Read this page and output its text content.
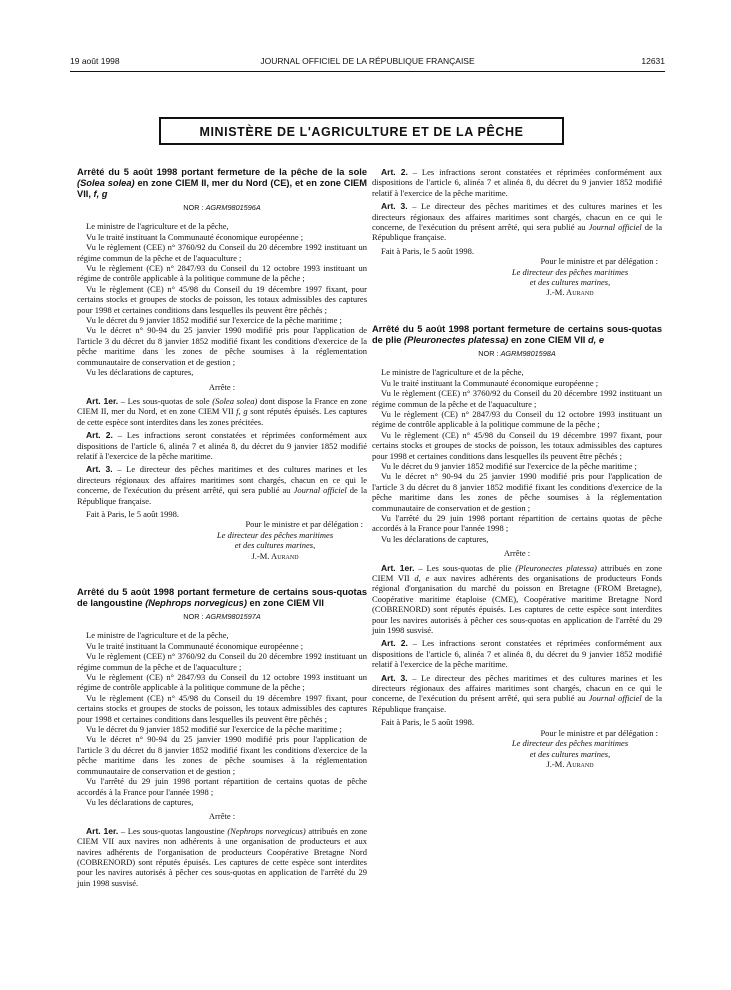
19 août 1998	JOURNAL OFFICIEL DE LA RÉPUBLIQUE FRANÇAISE	12631
MINISTÈRE DE L'AGRICULTURE ET DE LA PÊCHE

Arrêté du 5 août 1998 portant fermeture de la pêche de la sole (Solea solea) en zone CIEM II, mer du Nord (CE), et en zone CIEM VII, f, g

NOR : AGRM9801596A

Le ministre de l'agriculture et de la pêche,

Vu le traité instituant la Communauté économique européenne ;

Vu le règlement (CEE) n° 3760/92 du Conseil du 20 décembre 1992 instituant un régime commun de la pêche et de l'aquaculture ;

Vu le règlement (CE) n° 2847/93 du Conseil du 12 octobre 1993 instituant un régime de contrôle applicable à la politique commune de la pêche ;

Vu le règlement (CE) n° 45/98 du Conseil du 19 décembre 1997 fixant, pour certains stocks et groupes de stocks de poisson, les totaux admissibles des captures pour 1998 et certaines conditions dans lesquelles ils peuvent être pêchés ;

Vu le décret du 9 janvier 1852 modifié sur l'exercice de la pêche maritime ;

Vu le décret n° 90-94 du 25 janvier 1990 modifié pris pour l'application de l'article 3 du décret du 8 janvier 1852 modifié fixant les conditions d'exercice de la pêche maritime dans les zones de pêche soumises à la réglementation communautaire de conservation et de gestion ;

Vu les déclarations de captures,

Arrête :

Art. 1er. – Les sous-quotas de sole (Solea solea) dont dispose la France en zone CIEM II, mer du Nord, et en zone CIEM VII f, g sont réputés épuisés. Les captures de cette espèce sont interdites dans les zones précitées.

Art. 2. – Les infractions seront constatées et réprimées conformément aux dispositions de l'article 6, alinéa 7 et alinéa 8, du décret du 9 janvier 1852 modifié relatif à l'exercice de la pêche maritime.

Art. 3. – Le directeur des pêches maritimes et des cultures marines et les directeurs régionaux des affaires maritimes sont chargés, chacun en ce qui le concerne, de l'exécution du présent arrêté, qui sera publié au Journal officiel de la République française.

Fait à Paris, le 5 août 1998.

Pour le ministre et par délégation :

Le directeur des pêches maritimes

et des cultures marines,

J.-M. Aurand

Arrêté du 5 août 1998 portant fermeture de certains sous-quotas de langoustine (Nephrops norvegicus) en zone CIEM VII

NOR : AGRM9801597A

Le ministre de l'agriculture et de la pêche,

Vu le traité instituant la Communauté économique européenne ;

Vu le règlement (CEE) n° 3760/92 du Conseil du 20 décembre 1992 instituant un régime commun de la pêche et de l'aquaculture ;

Vu le règlement (CE) n° 2847/93 du Conseil du 12 octobre 1993 instituant un régime de contrôle applicable à la politique commune de la pêche ;

Vu le règlement (CE) n° 45/98 du Conseil du 19 décembre 1997 fixant, pour certains stocks et groupes de stocks de poisson, les totaux admissibles des captures pour 1998 et certaines conditions dans lesquelles ils peuvent être pêchés ;

Vu le décret du 9 janvier 1852 modifié sur l'exercice de la pêche maritime ;

Vu le décret n° 90-94 du 25 janvier 1990 modifié pris pour l'application de l'article 3 du décret du 8 janvier 1852 modifié fixant les conditions d'exercice de la pêche maritime dans les zones de pêche soumises à la réglementation communautaire de conservation et de gestion ;

Vu l'arrêté du 29 juin 1998 portant répartition de certains quotas de pêche accordés à la France pour l'année 1998 ;

Vu les déclarations de captures,

Arrête :

Art. 1er. – Les sous-quotas langoustine (Nephrops norvegicus) attribués en zone CIEM VII aux navires non adhérents à une organisation de producteurs et aux navires adhérents de l'organisation de producteurs Coopérative Bretagne Nord (COBRENORD) sont réputés épuisés. Les captures de cette espèce sont interdites pour les navires autorisés à pêcher ces sous-quotas en application de l'arrêté du 29 juin 1998 susvisé.

Art. 2. – Les infractions seront constatées et réprimées conformément aux dispositions de l'article 6, alinéa 7 et alinéa 8, du décret du 9 janvier 1852 modifié relatif à l'exercice de la pêche maritime.

Art. 3. – Le directeur des pêches maritimes et des cultures marines et les directeurs régionaux des affaires maritimes sont chargés, chacun en ce qui le concerne, de l'exécution du présent arrêté, qui sera publié au Journal officiel de la République française.

Fait à Paris, le 5 août 1998.

Pour le ministre et par délégation :

Le directeur des pêches maritimes

et des cultures marines,

J.-M. Aurand

Arrêté du 5 août 1998 portant fermeture de certains sous-quotas de plie (Pleuronectes platessa) en zone CIEM VII d, e

NOR : AGRM9801598A

Le ministre de l'agriculture et de la pêche,

Vu le traité instituant la Communauté économique européenne ;

Vu le règlement (CEE) n° 3760/92 du Conseil du 20 décembre 1992 instituant un régime commun de la pêche et de l'aquaculture ;

Vu le règlement (CE) n° 2847/93 du Conseil du 12 octobre 1993 instituant un régime de contrôle applicable à la politique commune de la pêche ;

Vu le règlement (CE) n° 45/98 du Conseil du 19 décembre 1997 fixant, pour certains stocks et groupes de stocks de poisson, les totaux admissibles des captures pour 1998 et certaines conditions dans lesquelles ils peuvent être pêchés ;

Vu le décret du 9 janvier 1852 modifié sur l'exercice de la pêche maritime ;

Vu le décret n° 90-94 du 25 janvier 1990 modifié pris pour l'application de l'article 3 du décret du 8 janvier 1852 modifié fixant les conditions d'exercice de la pêche maritime dans les zones de pêche soumises à la réglementation communautaire de conservation et de gestion ;

Vu l'arrêté du 29 juin 1998 portant répartition de certains quotas de pêche accordés à la France pour l'année 1998 ;

Vu les déclarations de captures,

Arrête :

Art. 1er. – Les sous-quotas de plie (Pleuronectes platessa) attribués en zone CIEM VII d, e aux navires adhérents des organisations de producteurs Fonds régional d'organisation du marché du poisson en Bretagne (FROM Bretagne), Coopérative maritime étaploise (CME), Coopérative maritime Bretagne Nord (COBRENORD) sont réputés épuisés. Les captures de cette espèce sont interdites pour les navires autorisés à pêcher ces sous-quotas en application de l'arrêté du 29 juin 1998 susvisé.

Art. 2. – Les infractions seront constatées et réprimées conformément aux dispositions de l'article 6, alinéa 7 et alinéa 8, du décret du 9 janvier 1852 modifié relatif à l'exercice de la pêche maritime.

Art. 3. – Le directeur des pêches maritimes et des cultures marines et les directeurs régionaux des affaires maritimes sont chargés, chacun en ce qui le concerne, de l'exécution du présent arrêté, qui sera publié au Journal officiel de la République française.

Fait à Paris, le 5 août 1998.

Pour le ministre et par délégation :

Le directeur des pêches maritimes

et des cultures marines,

J.-M. Aurand
